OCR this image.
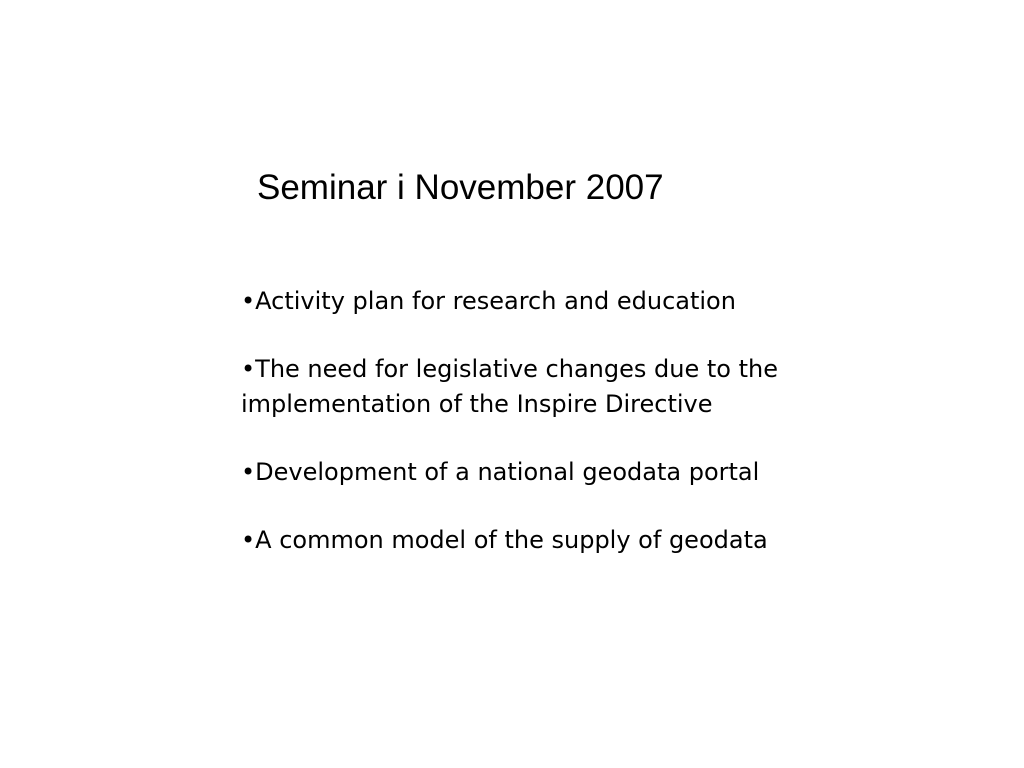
Seminar i November 2007
•Activity plan for research and education
•The need for legislative changes due to the implementation of the Inspire Directive
•Development of a national geodata portal
•A common model of the supply of geodata
